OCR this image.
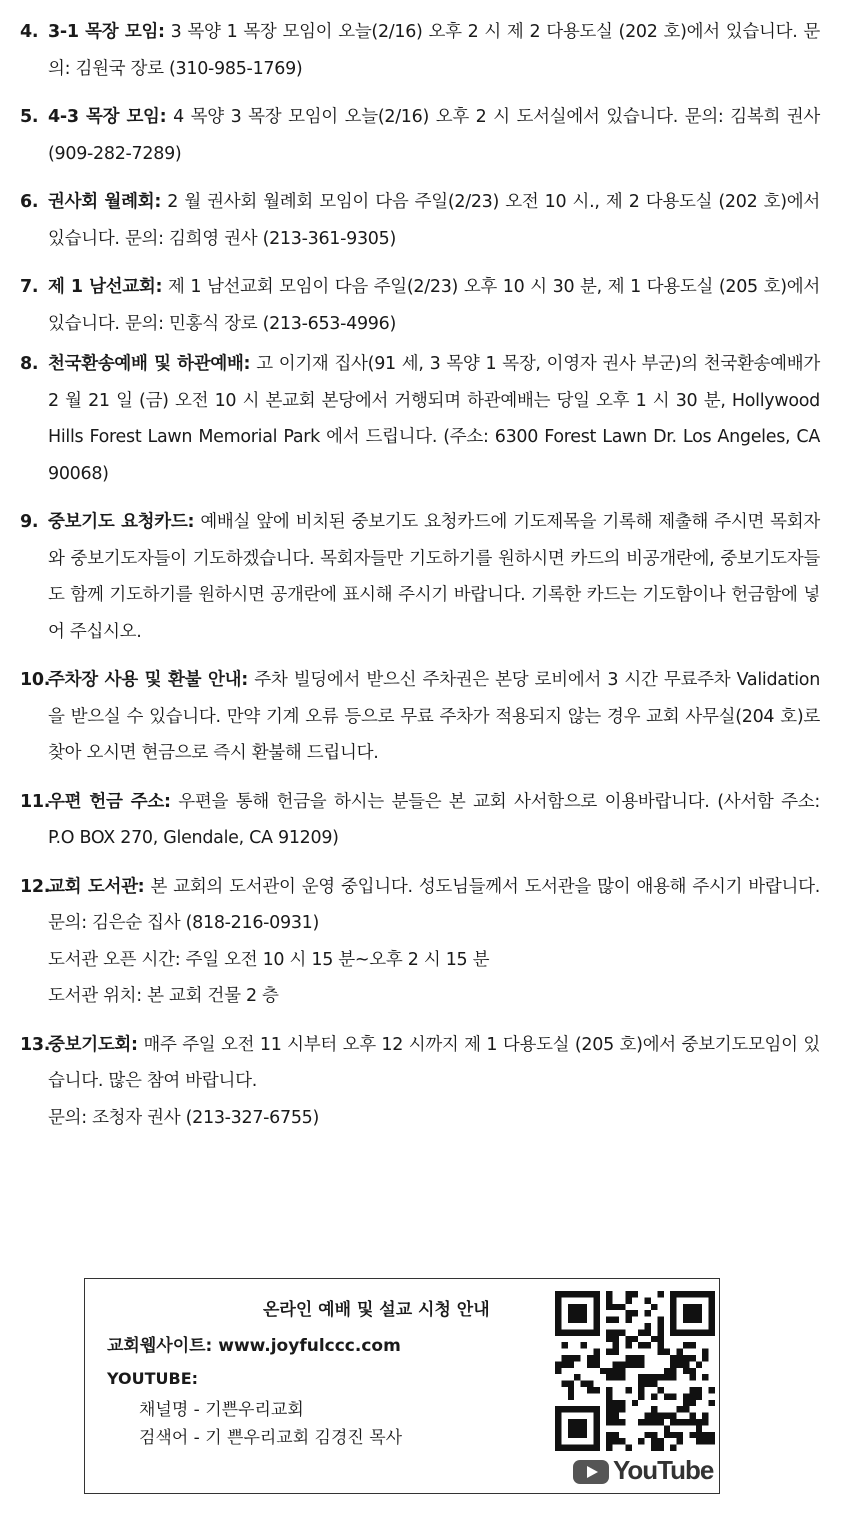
4. 3-1 목장 모임: 3 목양 1 목장 모임이 오늘(2/16) 오후 2 시 제 2 다용도실 (202 호)에서 있습니다. 문의: 김원국 장로 (310-985-1769)
5. 4-3 목장 모임: 4 목양 3 목장 모임이 오늘(2/16) 오후 2 시 도서실에서 있습니다. 문의: 김복희 권사 (909-282-7289)
6. 권사회 월례회: 2 월 권사회 월례회 모임이 다음 주일(2/23) 오전 10 시., 제 2 다용도실 (202 호)에서 있습니다. 문의: 김희영 권사 (213-361-9305)
7. 제 1 남선교회: 제 1 남선교회 모임이 다음 주일(2/23) 오후 10 시 30 분, 제 1 다용도실 (205 호)에서 있습니다. 문의: 민홍식 장로 (213-653-4996)
8. 천국환송예배 및 하관예배: 고 이기재 집사(91 세, 3 목양 1 목장, 이영자 권사 부군)의 천국환송예배가 2 월 21 일 (금) 오전 10 시 본교회 본당에서 거행되며 하관예배는 당일 오후 1 시 30 분, Hollywood Hills Forest Lawn Memorial Park 에서 드립니다. (주소: 6300 Forest Lawn Dr. Los Angeles, CA 90068)
9. 중보기도 요청카드: 예배실 앞에 비치된 중보기도 요청카드에 기도제목을 기록해 제출해 주시면 목회자와 중보기도자들이 기도하겠습니다. 목회자들만 기도하기를 원하시면 카드의 비공개란에, 중보기도자들도 함께 기도하기를 원하시면 공개란에 표시해 주시기 바랍니다. 기록한 카드는 기도함이나 헌금함에 넣어 주십시오.
10.
주차장 사용 및 환불 안내: 주차 빌딩에서 받으신 주차권은 본당 로비에서 3 시간 무료주차 Validation 을 받으실 수 있습니다. 만약 기계 오류 등으로 무료 주차가 적용되지 않는 경우 교회 사무실(204 호)로 찾아 오시면 현금으로 즉시 환불해 드립니다.
11.
우편 헌금 주소: 우편을 통해 헌금을 하시는 분들은 본 교회 사서함으로 이용바랍니다. (사서함 주소: P.O BOX 270, Glendale, CA 91209)
12.
교회 도서관: 본 교회의 도서관이 운영 중입니다. 성도님들께서 도서관을 많이 애용해 주시기 바랍니다. 문의: 김은순 집사 (818-216-0931)
도서관 오픈 시간: 주일 오전 10 시 15 분~오후 2 시 15 분
도서관 위치: 본 교회 건물 2 층
13.
중보기도회: 매주 주일 오전 11 시부터 오후 12 시까지 제 1 다용도실 (205 호)에서 중보기도모임이 있습니다. 많은 참여 바랍니다.
문의: 조청자 권사 (213-327-6755)
온라인 예배 및 설교 시청 안내
교회웹사이트: www.joyfulccc.com
YOUTUBE:
채널명 - 기쁜우리교회
검색어 - 기 쁜우리교회 김경진 목사
YouTube
